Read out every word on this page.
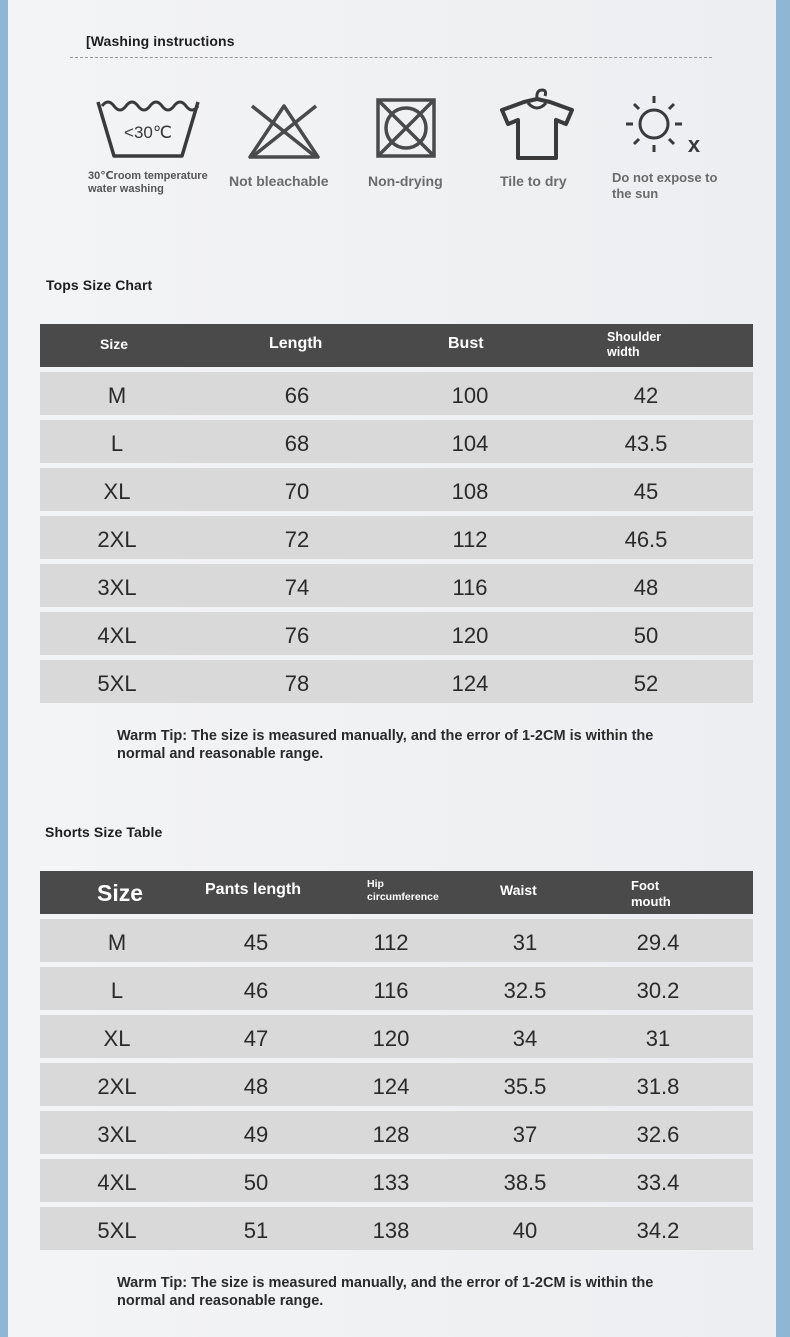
[Washing instructions
<30℃
30℃room temperature
water washing	Not bleachable	Non-drying	Tile to dry
x
Do not expose to
the sun
Tops Size Chart
Size	Length	Bust	Shoulder
width
M	66	100	42
L	68	104	43.5
XL	70	108	45
2XL	72	112	46.5
3XL	74	116	48
4XL	76	120	50
5XL	78	124	52
Warm Tip: The size is measured manually, and the error of 1-2CM is within the
normal and reasonable range.
Shorts Size Table
Size	Pants length	Hip
circumference	Waist	Foot
mouth
M	45	112	31	29.4
L	46	116	32.5	30.2
XL	47	120	34	31
2XL	48	124	35.5	31.8
3XL	49	128	37	32.6
4XL	50	133	38.5	33.4
5XL	51	138	40	34.2
Warm Tip: The size is measured manually, and the error of 1-2CM is within the
normal and reasonable range.
